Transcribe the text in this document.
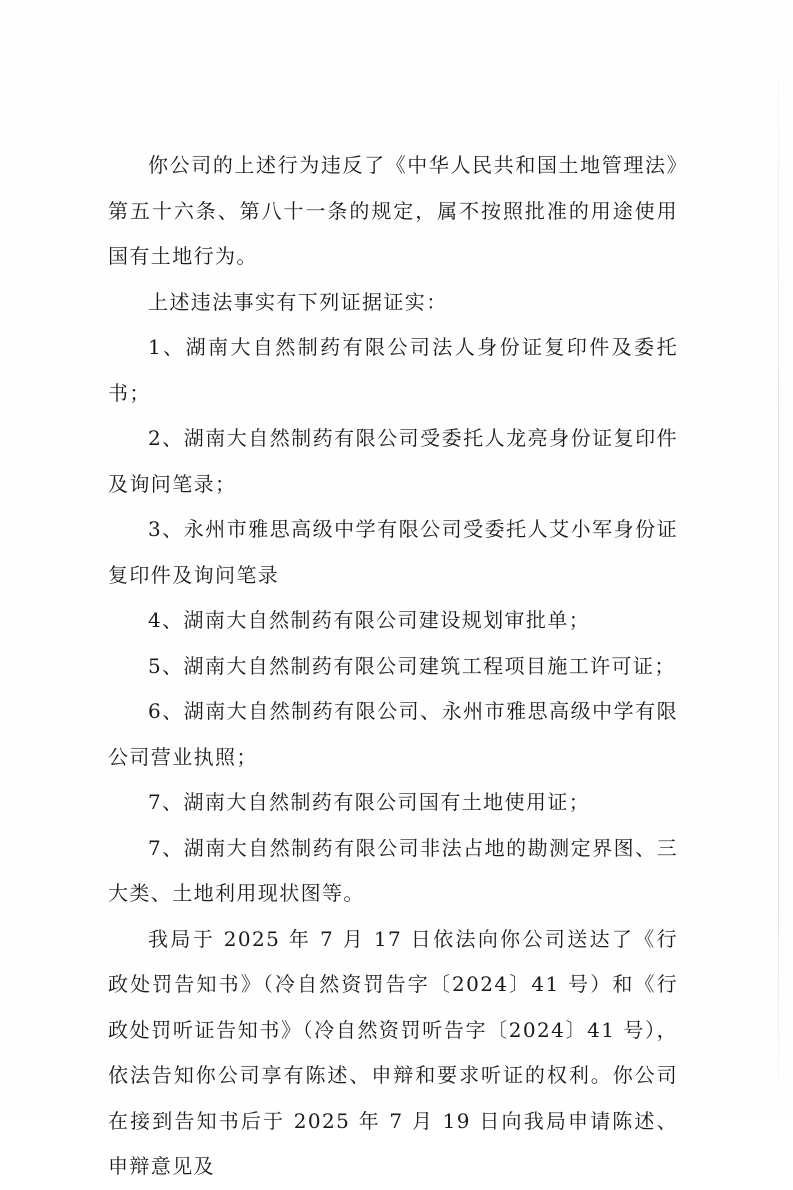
你公司的上述行为违反了《中华人民共和国土地管理法》第五十六条、第八十一条的规定，属不按照批准的用途使用国有土地行为。

上述违法事实有下列证据证实：

1、湖南大自然制药有限公司法人身份证复印件及委托书；

2、湖南大自然制药有限公司受委托人龙亮身份证复印件及询问笔录；

3、永州市雅思高级中学有限公司受委托人艾小军身份证复印件及询问笔录

4、湖南大自然制药有限公司建设规划审批单；

5、湖南大自然制药有限公司建筑工程项目施工许可证；

6、湖南大自然制药有限公司、永州市雅思高级中学有限公司营业执照；

7、湖南大自然制药有限公司国有土地使用证；

7、湖南大自然制药有限公司非法占地的勘测定界图、三大类、土地利用现状图等。

我局于 2025 年 7 月 17 日依法向你公司送达了《行政处罚告知书》（冷自然资罚告字〔2024〕41 号）和《行政处罚听证告知书》（冷自然资罚听告字〔2024〕41 号），依法告知你公司享有陈述、申辩和要求听证的权利。你公司在接到告知书后于 2025 年 7 月 19 日向我局申请陈述、申辩意见及
